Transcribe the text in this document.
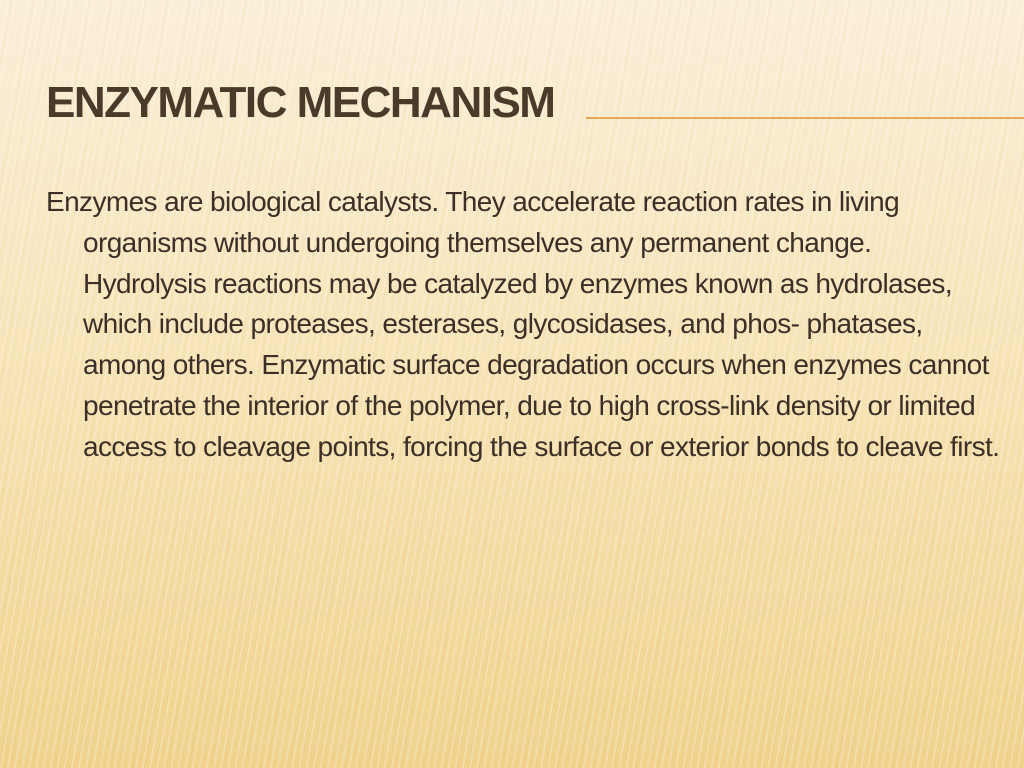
ENZYMATIC MECHANISM

Enzymes are biological catalysts. They accelerate reaction rates in living organisms without undergoing themselves any permanent change. Hydrolysis reactions may be catalyzed by enzymes known as hydrolases, which include proteases, esterases, glycosidases, and phos- phatases, among others. Enzymatic surface degradation occurs when enzymes cannot penetrate the interior of the polymer, due to high cross-link density or limited access to cleavage points, forcing the surface or exterior bonds to cleave first.
